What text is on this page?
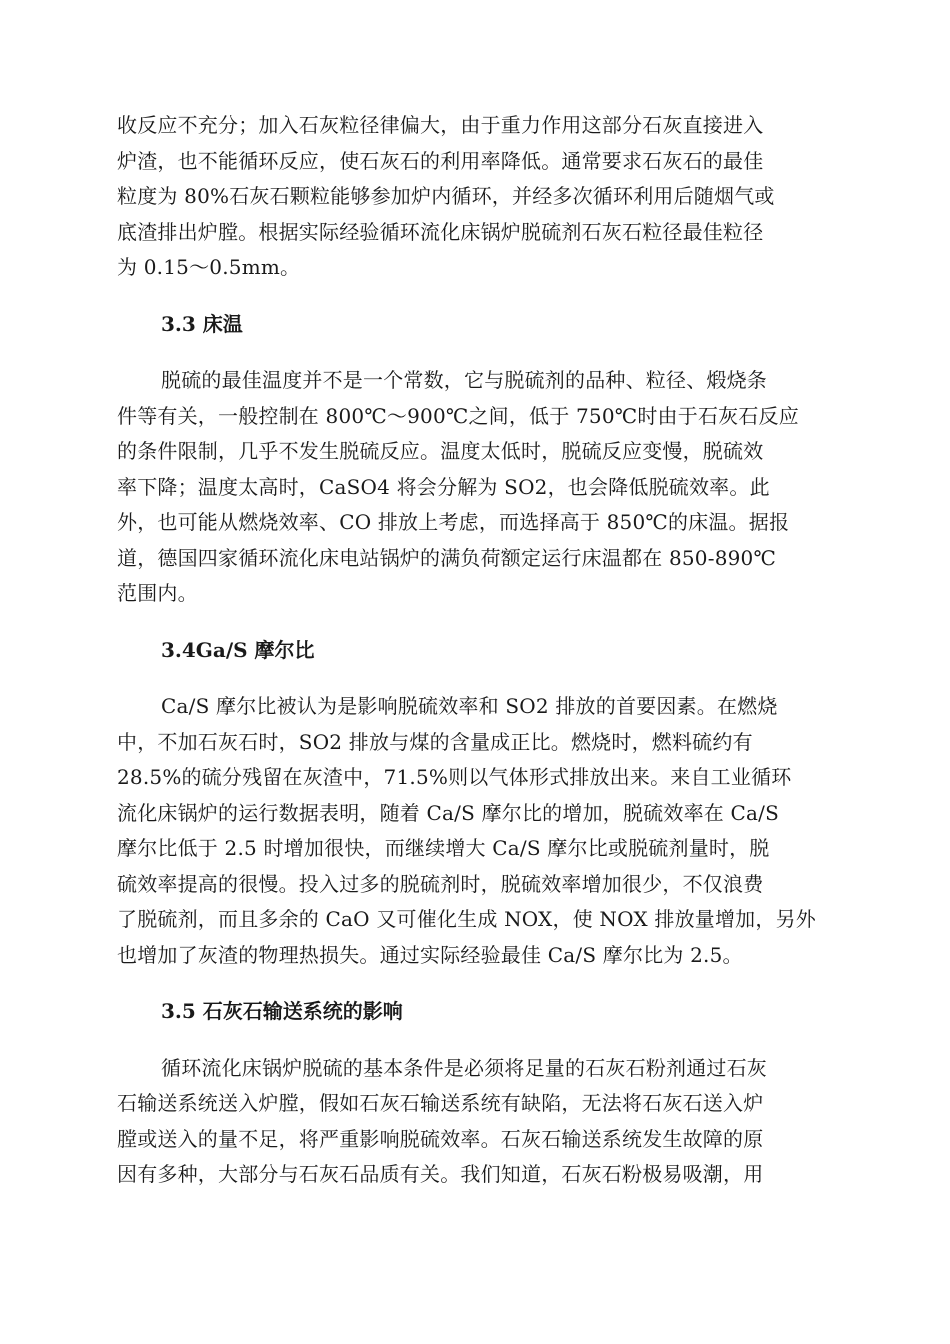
收反应不充分；加入石灰粒径律偏大，由于重力作用这部分石灰直接进入
炉渣，也不能循环反应，使石灰石的利用率降低。通常要求石灰石的最佳
粒度为 80%石灰石颗粒能够参加炉内循环，并经多次循环利用后随烟气或
底渣排出炉膛。根据实际经验循环流化床锅炉脱硫剂石灰石粒径最佳粒径
为 0.15～0.5mm。

3.3 床温

脱硫的最佳温度并不是一个常数，它与脱硫剂的品种、粒径、煅烧条
件等有关，一般控制在 800℃～900℃之间，低于 750℃时由于石灰石反应
的条件限制，几乎不发生脱硫反应。温度太低时，脱硫反应变慢，脱硫效
率下降；温度太高时，CaSO4 将会分解为 SO2，也会降低脱硫效率。此
外，也可能从燃烧效率、CO 排放上考虑，而选择高于 850℃的床温。据报
道，德国四家循环流化床电站锅炉的满负荷额定运行床温都在 850-890℃
范围内。

3.4Ga/S 摩尔比

Ca/S 摩尔比被认为是影响脱硫效率和 SO2 排放的首要因素。在燃烧
中，不加石灰石时，SO2 排放与煤的含量成正比。燃烧时，燃料硫约有
28.5%的硫分残留在灰渣中，71.5%则以气体形式排放出来。来自工业循环
流化床锅炉的运行数据表明，随着 Ca/S 摩尔比的增加，脱硫效率在 Ca/S
摩尔比低于 2.5 时增加很快，而继续增大 Ca/S 摩尔比或脱硫剂量时，脱
硫效率提高的很慢。投入过多的脱硫剂时，脱硫效率增加很少，不仅浪费
了脱硫剂，而且多余的 CaO 又可催化生成 NOX，使 NOX 排放量增加，另外
也增加了灰渣的物理热损失。通过实际经验最佳 Ca/S 摩尔比为 2.5。

3.5 石灰石输送系统的影响

循环流化床锅炉脱硫的基本条件是必须将足量的石灰石粉剂通过石灰
石输送系统送入炉膛，假如石灰石输送系统有缺陷，无法将石灰石送入炉
膛或送入的量不足，将严重影响脱硫效率。石灰石输送系统发生故障的原
因有多种，大部分与石灰石品质有关。我们知道，石灰石粉极易吸潮，用
